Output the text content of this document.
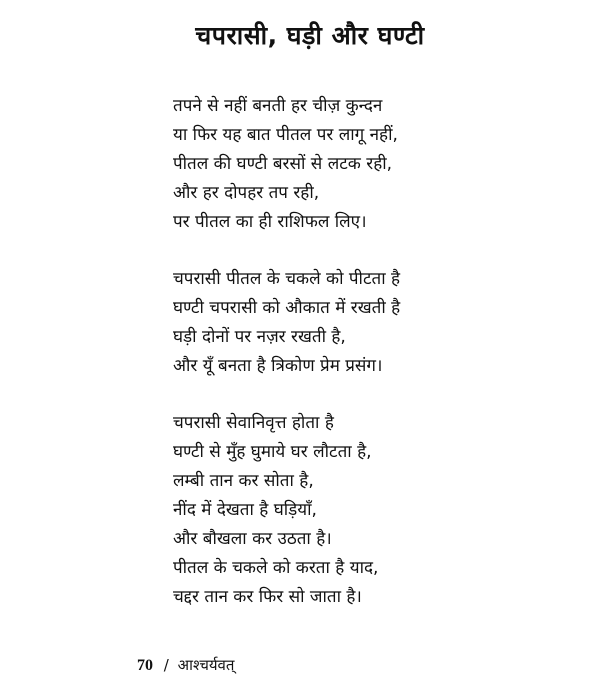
चपरासी, घड़ी और घण्टी
तपने से नहीं बनती हर चीज़ कुन्दन
या फिर यह बात पीतल पर लागू नहीं,
पीतल की घण्टी बरसों से लटक रही,
और हर दोपहर तप रही,
पर पीतल का ही राशिफल लिए।
चपरासी पीतल के चकले को पीटता है
घण्टी चपरासी को औकात में रखती है
घड़ी दोनों पर नज़र रखती है,
और यूँ बनता है त्रिकोण प्रेम प्रसंग।
चपरासी सेवानिवृत्त होता है
घण्टी से मुँह घुमाये घर लौटता है,
लम्बी तान कर सोता है,
नींद में देखता है घड़ियाँ,
और बौखला कर उठता है।
पीतल के चकले को करता है याद,
चद्दर तान कर फिर सो जाता है।
70 / आश्चर्यवत्
